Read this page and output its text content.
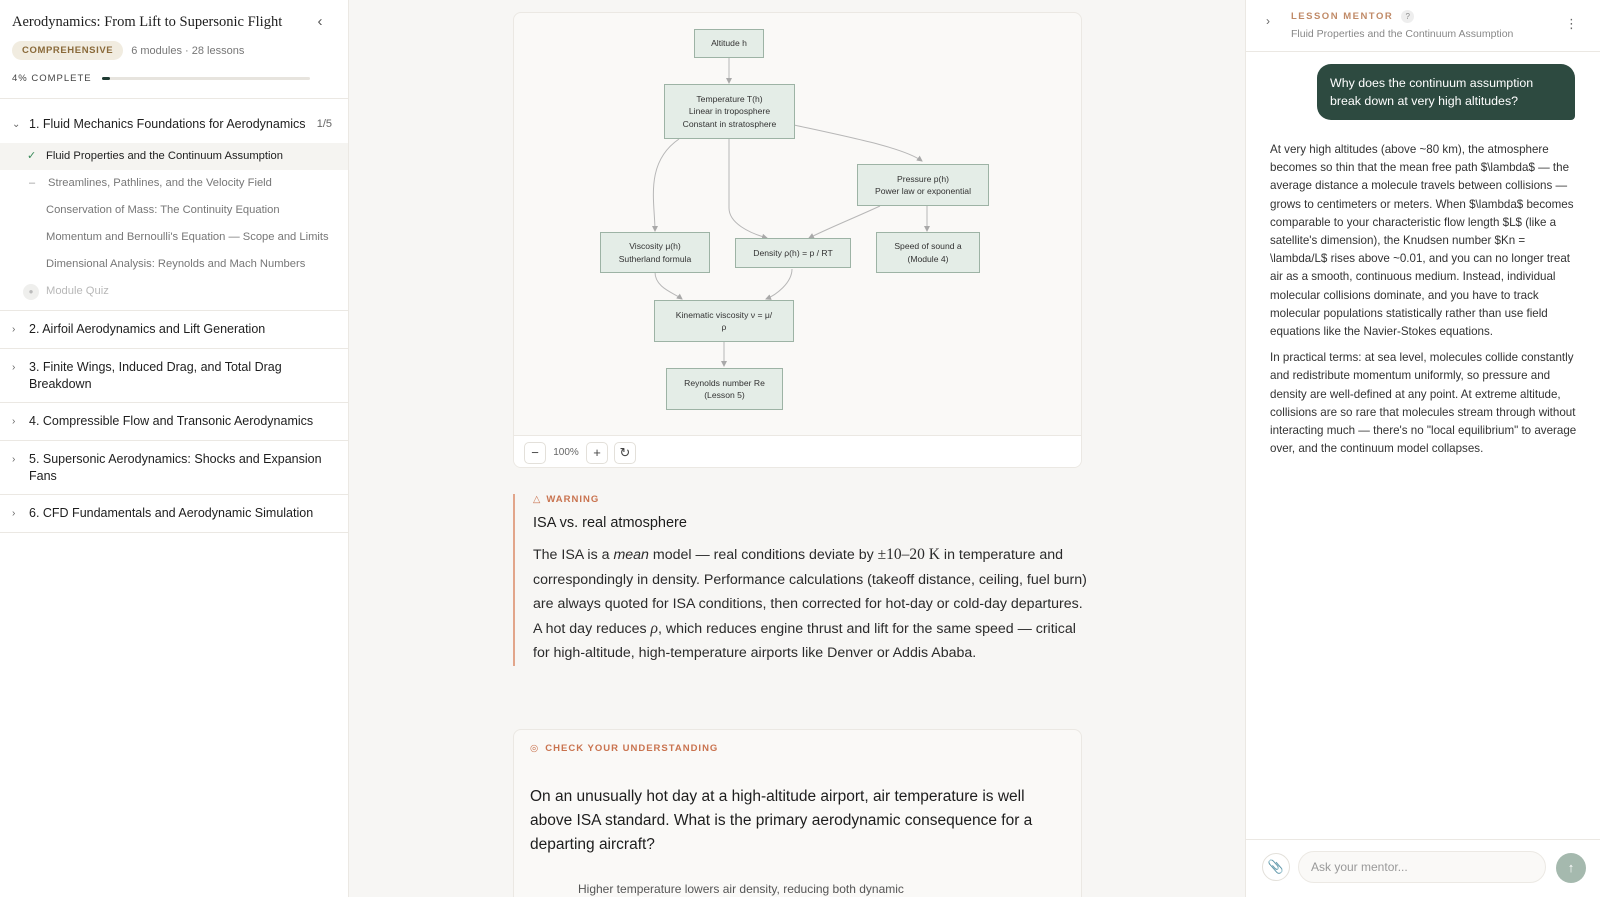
Aerodynamics: From Lift to Supersonic Flight	‹
COMPREHENSIVE	6 modules · 28 lessons
4% COMPLETE
⌄ 1. Fluid Mechanics Foundations for Aerodynamics 1/5
✓ Fluid Properties and the Continuum Assumption
–	Streamlines, Pathlines, and the Velocity Field
Conservation of Mass: The Continuity Equation
Momentum and Bernoulli's Equation — Scope and Limits
Dimensional Analysis: Reynolds and Mach Numbers
●	Module Quiz
›	2. Airfoil Aerodynamics and Lift Generation
›	3. Finite Wings, Induced Drag, and Total Drag Breakdown
›	4. Compressible Flow and Transonic Aerodynamics
›	5. Supersonic Aerodynamics: Shocks and Expansion Fans
›	6. CFD Fundamentals and Aerodynamic Simulation
Altitude h
Temperature T(h)
Linear in troposphere
Constant in stratosphere
Pressure p(h)
Power law or exponential
Viscosity μ(h)
Sutherland formula
Density ρ(h) = p / RT
Speed of sound a
(Module 4)
Kinematic viscosity ν = μ/
ρ
Reynolds number Re
(Lesson 5)
−	100%	+	↻
△ WARNING
ISA vs. real atmosphere
The ISA is a mean model — real conditions deviate by ±10–20 K in temperature and correspondingly in density. Performance calculations (takeoff distance, ceiling, fuel burn) are always quoted for ISA conditions, then corrected for hot-day or cold-day departures. A hot day reduces ρ, which reduces engine thrust and lift for the same speed — critical for high-altitude, high-temperature airports like Denver or Addis Ababa.
◎ CHECK YOUR UNDERSTANDING
On an unusually hot day at a high-altitude airport, air temperature is well above ISA standard. What is the primary aerodynamic consequence for a departing aircraft?
Higher temperature lowers air density, reducing both dynamic
› LESSON MENTOR	?
Fluid Properties and the Continuum Assumption
⋮
Why does the continuum assumption break down at very high altitudes?

At very high altitudes (above ~80 km), the atmosphere becomes so thin that the mean free path $\lambda$ — the average distance a molecule travels between collisions — grows to centimeters or meters. When $\lambda$ becomes comparable to your characteristic flow length $L$ (like a satellite's dimension), the Knudsen number $Kn = \lambda/L$ rises above ~0.01, and you can no longer treat air as a smooth, continuous medium. Instead, individual molecular collisions dominate, and you have to track molecular populations statistically rather than use field equations like the Navier-Stokes equations.

In practical terms: at sea level, molecules collide constantly and redistribute momentum uniformly, so pressure and density are well-defined at any point. At extreme altitude, collisions are so rare that molecules stream through without interacting much — there's no "local equilibrium" to average over, and the continuum model collapses.

📎
Ask your mentor...	↑
